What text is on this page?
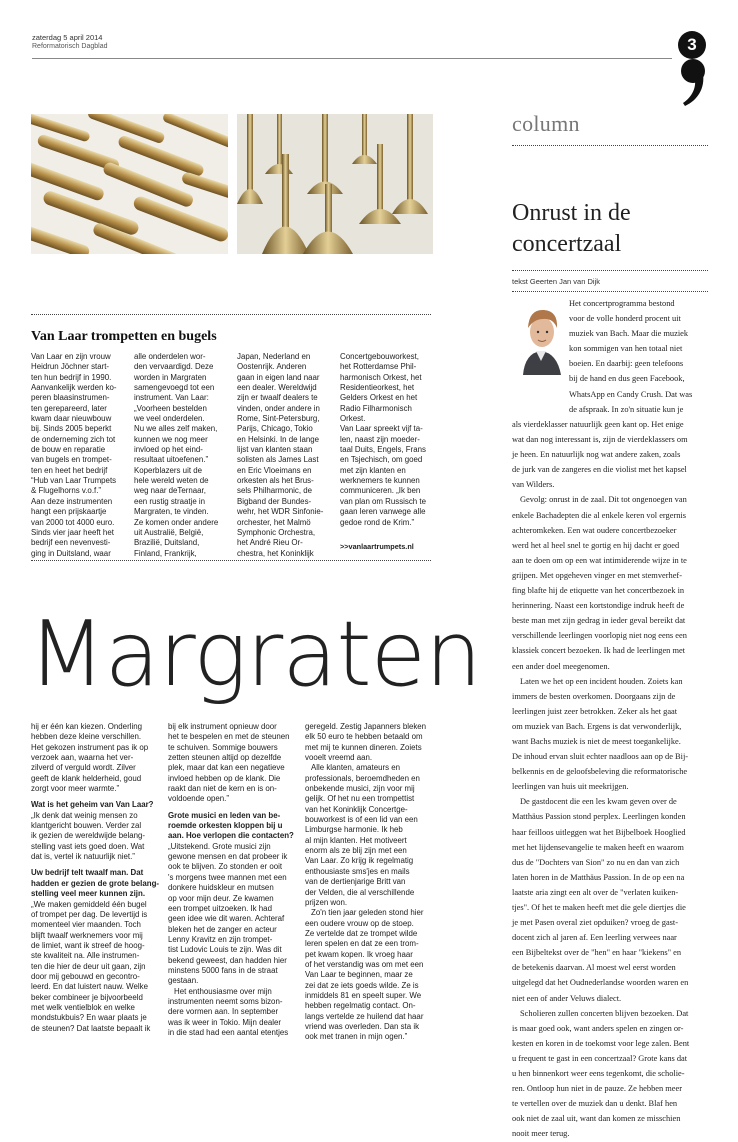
zaterdag 5 april 2014
Reformatorisch Dagblad	3
Van Laar trompetten en bugels
Van Laar en zijn vrouw
Heidrun Jöchner start-
ten hun bedrijf in 1990.
Aanvankelijk werden ko-
peren blaasinstrumen-
ten gerepareerd, later
kwam daar nieuwbouw
bij. Sinds 2005 beperkt
de onderneming zich tot
de bouw en reparatie
van bugels en trompet-
ten en heet het bedrijf
“Hub van Laar Trumpets
& Flugelhorns v.o.f.”
Aan deze instrumenten
hangt een prijskaartje
van 2000 tot 4000 euro.
Sinds vier jaar heeft het
bedrijf een nevenvesti-
ging in Duitsland, waar
alle onderdelen wor-
den vervaardigd. Deze
worden in Margraten
samengevoegd tot een
instrument. Van Laar:
„Voorheen bestelden
we veel onderdelen.
Nu we alles zelf maken,
kunnen we nog meer
invloed op het eind-
resultaat uitoefenen.”
Koperblazers uit de
hele wereld weten de
weg naar deTernaar,
een rustig straatje in
Margraten, te vinden.
Ze komen onder andere
uit Australië, België,
Brazilië, Duitsland,
Finland, Frankrijk,
Japan, Nederland en
Oostenrijk. Anderen
gaan in eigen land naar
een dealer. Wereldwijd
zijn er twaalf dealers te
vinden, onder andere in
Rome, Sint-Petersburg,
Parijs, Chicago, Tokio
en Helsinki. In de lange
lijst van klanten staan
solisten als James Last
en Eric Vloeimans en
orkesten als het Brus-
sels Philharmonic, de
Bigband der Bundes-
wehr, het WDR Sinfonie-
orchester, het Malmö
Symphonic Orchestra,
het André Rieu Or-
chestra, het Koninklijk
Concertgebouworkest,
het Rotterdamse Phil-
harmonisch Orkest, het
Residentieorkest, het
Gelders Orkest en het
Radio Filharmonisch
Orkest.
Van Laar spreekt vijf ta-
len, naast zijn moeder-
taal Duits, Engels, Frans
en Tsjechisch, om goed
met zijn klanten en
werknemers te kunnen
communiceren. „Ik ben
van plan om Russisch te
gaan leren vanwege alle
gedoe rond de Krim.”
>>vanlaartrumpets.nl
Margraten
hij er één kan kiezen. Onderling
hebben deze kleine verschillen.
Het gekozen instrument pas ik op
verzoek aan, waarna het ver-
zilverd of verguld wordt. Zilver
geeft de klank helderheid, goud
zorgt voor meer warmte.”
Wat is het geheim van Van Laar?
„Ik denk dat weinig mensen zo
klantgericht bouwen. Verder zal
ik gezien de wereldwijde belang-
stelling vast iets goed doen. Wat
dat is, vertel ik natuurlijk niet.”
Uw bedrijf telt twaalf man. Dat
hadden er gezien de grote belang-
stelling veel meer kunnen zijn.
„We maken gemiddeld één bugel
of trompet per dag. De levertijd is
momenteel vier maanden. Toch
blijft twaalf werknemers voor mij
de limiet, want ik streef de hoog-
ste kwaliteit na. Alle instrumen-
ten die hier de deur uit gaan, zijn
door mij gebouwd en gecontro-
leerd. En dat luistert nauw. Welke
beker combineer je bijvoorbeeld
met welk ventielblok en welke
mondstukbuis? En waar plaats je
de steunen? Dat laatste bepaalt ik
bij elk instrument opnieuw door
het te bespelen en met de steunen
te schuiven. Sommige bouwers
zetten steunen altijd op dezelfde
plek, maar dat kan een negatieve
invloed hebben op de klank. Die
raakt dan niet de kern en is on-
voldoende open.”
Grote musici en leden van be-
roemde orkesten kloppen bij u
aan. Hoe verlopen die contacten?
„Uitstekend. Grote musici zijn
gewone mensen en dat probeer ik
ook te blijven. Zo stonden er ooit
's morgens twee mannen met een
donkere huidskleur en mutsen
op voor mijn deur. Ze kwamen
een trompet uitzoeken. Ik had
geen idee wie dit waren. Achteraf
bleken het de zanger en acteur
Lenny Kravitz en zijn trompet-
tist Ludovic Louis te zijn. Was dit
bekend geweest, dan hadden hier
minstens 5000 fans in de straat
gestaan.
Het enthousiasme over mijn
instrumenten neemt soms bizon-
dere vormen aan. In september
was ik weer in Tokio. Mijn dealer
in die stad had een aantal etentjes
geregeld. Zestig Japanners bleken
elk 50 euro te hebben betaald om
met mij te kunnen dineren. Zoiets
vooelt vreemd aan.
Alle klanten, amateurs en
professionals, beroemdheden en
onbekende musici, zijn voor mij
gelijk. Of het nu een trompettist
van het Koninklijk Concertge-
bouworkest is of een lid van een
Limburgse harmonie. Ik heb
al mijn klanten. Het motiveert
enorm als ze blij zijn met een
Van Laar. Zo krijg ik regelmatig
enthousiaste sms'jes en mails
van de dertienjarige Britt van
der Velden, die al verschillende
prijzen won.
Zo'n tien jaar geleden stond hier
een oudere vrouw op de stoep.
Ze vertelde dat ze trompet wilde
leren spelen en dat ze een trom-
pet kwam kopen. Ik vroeg haar
of het verstandig was om met een
Van Laar te beginnen, maar ze
zei dat ze iets goeds wilde. Ze is
inmiddels 81 en speelt super. We
hebben regelmatig contact. On-
langs vertelde ze huilend dat haar
vriend was overleden. Dan sta ik
ook met tranen in mijn ogen.”
column
Onrust in de
concertzaal
tekst Geerten Jan van Dijk
Het concertprogramma bestond
voor de volle honderd procent uit
muziek van Bach. Maar die muziek
kon sommigen van hen totaal niet
boeien. En daarbij: geen telefoons
bij de hand en dus geen Facebook,
WhatsApp en Candy Crush. Dat was
de afspraak. In zo'n situatie kun je
als vierdeklasser natuurlijk geen kant op. Het enige
wat dan nog interessant is, zijn de vierdeklassers om
je heen. En natuurlijk nog wat andere zaken, zoals
de jurk van de zangeres en die violist met het kapsel
van Wilders.
Gevolg: onrust in de zaal. Dit tot ongenoegen van
enkele Bachadepten die al enkele keren vol ergernis
achteromkeken. Een wat oudere concertbezoeker
werd het al heel snel te gortig en hij dacht er goed
aan te doen om op een wat intimiderende wijze in te
grijpen. Met opgeheven vinger en met stemverhef-
fing blafte hij de etiquette van het concertbezoek in
herinnering. Naast een kortstondige indruk heeft de
beste man met zijn gedrag in ieder geval bereikt dat
verschillende leerlingen voorlopig niet nog eens een
klassiek concert bezoeken. Ik had de leerlingen met
een ander doel meegenomen.
Laten we het op een incident houden. Zoiets kan
immers de besten overkomen. Doorgaans zijn de
leerlingen juist zeer betrokken. Zeker als het gaat
om muziek van Bach. Ergens is dat verwonderlijk,
want Bachs muziek is niet de meest toegankelijke.
De inhoud ervan sluit echter naadloos aan op de Bij-
belkennis en de geloofsbeleving die reformatorische
leerlingen van huis uit meekrijgen.
De gastdocent die een les kwam geven over de
Matthäus Passion stond perplex. Leerlingen konden
haar feilloos uitleggen wat het Bijbelboek Hooglied
met het lijdensevangelie te maken heeft en waarom
dus de "Dochters van Sion" zo nu en dan van zich
laten horen in de Matthäus Passion. In de op een na
laatste aria zingt een alt over de "verlaten kuiken-
tjes". Of het te maken heeft met die gele diertjes die
je met Pasen overal ziet opduiken? vroeg de gast-
docent zich al jaren af. Een leerling verwees naar
een Bijbeltekst over de "hen" en haar "kiekens" en
de betekenis daarvan. Al moest wel eerst worden
uitgelegd dat het Oudnederlandse woorden waren en
niet een of ander Veluws dialect.
Scholieren zullen concerten blijven bezoeken. Dat
is maar goed ook, want anders spelen en zingen or-
kesten en koren in de toekomst voor lege zalen. Bent
u frequent te gast in een concertzaal? Grote kans dat
u hen binnenkort weer eens tegenkomt, die scholie-
ren. Ontloop hun niet in de pauze. Ze hebben meer
te vertellen over de muziek dan u denkt. Blaf hen
ook niet de zaal uit, want dan komen ze misschien
nooit meer terug.
